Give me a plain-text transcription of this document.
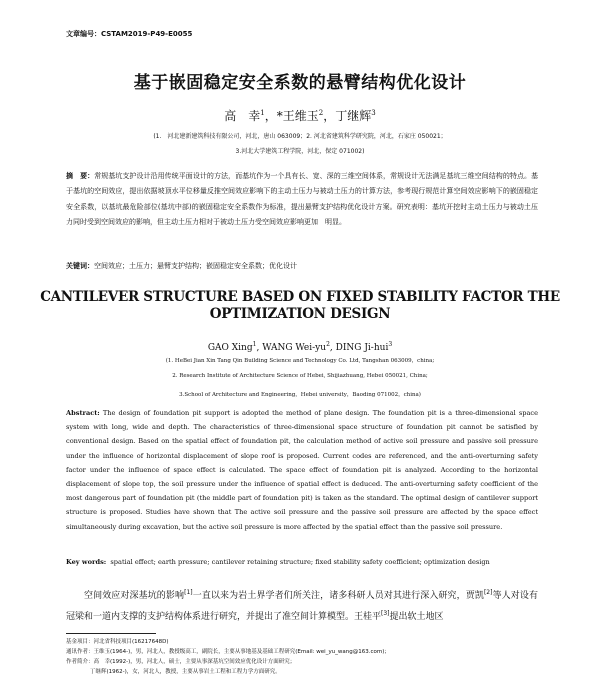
文章编号：CSTAM2019-P49-E0055
基于嵌固稳定安全系数的悬臂结构优化设计
高　幸$^1$，*王维玉$^2$，丁继辉$^3$
(1.　河北建新建筑科技有限公司，河北，唐山 063009；2. 河北省建筑科学研究院，河北，石家庄 050021；
3.河北大学建筑工程学院，河北，保定 071002)
摘　要：常规基坑支护设计沿用传统平面设计的方法，而基坑作为一个具有长、宽、深的三维空间体系，常规设计无法满足基坑三维空间结构的特点。基于基坑的空间效应，提出依据坡顶水平位移量反推空间效应影响下的主动土压力与被动土压力的计算方法，参考现行规范计算空间效应影响下的嵌固稳定安全系数，以基坑最危险部位(基坑中部)的嵌固稳定安全系数作为标准，提出悬臂支护结构优化设计方案。研究表明：基坑开挖时主动土压力与被动土压力同时受到空间效应的影响，但主动土压力相对于被动土压力受空间效应影响更加　明显。
关键词：空间效应；土压力；悬臂支护结构；嵌固稳定安全系数；优化设计
CANTILEVER STRUCTURE BASED ON FIXED STABILITY FACTOR THE OPTIMIZATION DESIGN
GAO Xing$^1$, WANG Wei-$yu^2$, DING Ji-hui$^3$
(1. HeBei Jian Xin Tang Qin Building Science and Technology Co. Ltd, Tangshan 063009，china;
2. Research Institute of Architecture Science of Hebei, Shijiazhuang, Hebei 050021, China;
3.School of Architecture and Engineering，Hebei university，Baoding 071002，china)
Abstract: The design of foundation pit support is adopted the method of plane design. The foundation pit is a three-dimensional space system with long, wide and depth. The characteristics of three-dimensional space structure of foundation pit cannot be satisfied by conventional design. Based on the spatial effect of foundation pit, the calculation method of active soil pressure and passive soil pressure under the influence of horizontal displacement of slope roof is proposed. Current codes are referenced, and the anti-overturning safety factor under the influence of space effect is calculated. The space effect of foundation pit is analyzed. According to the horizontal displacement of slope top, the soil pressure under the influence of spatial effect is deduced. The anti-overturning safety coefficient of the most dangerous part of foundation pit (the middle part of foundation pit) is taken as the standard. The optimal design of cantilever support structure is proposed. Studies have shown that The active soil pressure and the passive soil pressure are affected by the space effect simultaneously during excavation, but the active soil pressure is more affected by the spatial effect than the passive soil pressure.
Key words: spatial effect; earth pressure; cantilever retaining structure; fixed stability safety coefficient; optimization design
空间效应对深基坑的影响[1]一直以来为岩土界学者们所关注，诸多科研人员对其进行深入研究，贾凯[2]等人对设有冠梁和一道内支撑的支护结构体系进行研究，并提出了准空间计算模型。王桂平[3]提出软土地区
基金项目：河北省科技项目(16217648D)
通讯作者：王维玉(1964-)，男，河北人，教授级高工，副院长，主要从事地基及基础工程研究(Email: wei_yu_wang@163.com)；
作者简介：高　幸(1992-)，男，河北人，硕士，主要从事深基坑空间效应优化设计方面研究；
丁继辉(1962-)，女，河北人，教授，主要从事岩土工程和工程力学方面研究。
